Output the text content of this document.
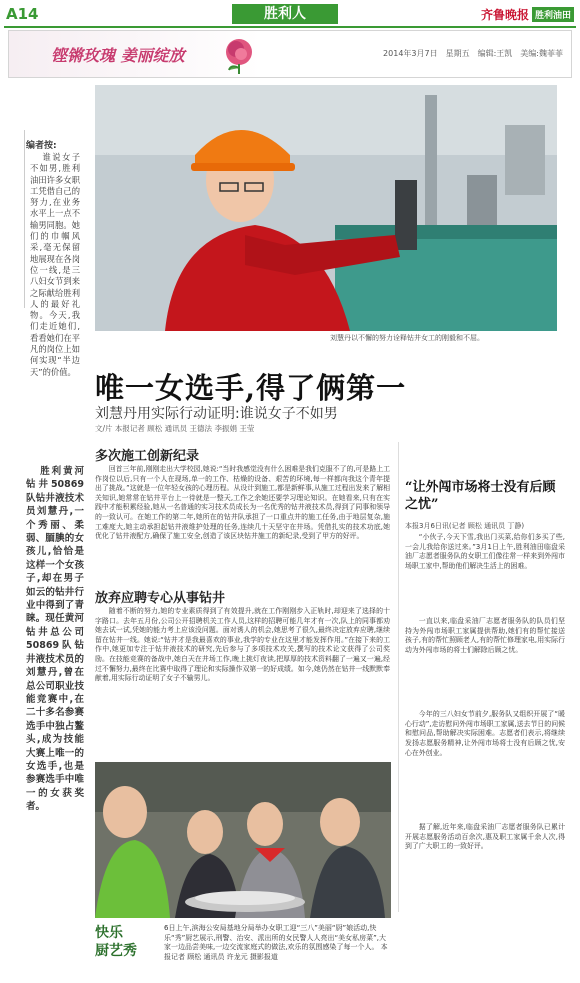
A14	胜利人	齐鲁晚报 胜利油田
铿锵玫瑰 姜丽绽放	2014年3月7日 星期五 编辑:王凯 美编:魏菲菲
编者按:
谁说女子不如男,胜利油田许多女职工凭借自己的努力,在业务水平上一点不输男同胞。她们的巾帼风采,毫无保留地展现在各岗位一线,是三八妇女节到来之际献给胜利人的最好礼物。今天,我们走近她们,看看她们在平凡的岗位上如何实现“半边天”的价值。
刘慧丹以不懈的努力诠释钻井女工的刚毅和不屈。
唯一女选手,得了俩第一
刘慧丹用实际行动证明:谁说女子不如男
文/片 本报记者 顾松 通讯员 王德法 李振娟 王莹
胜利黄河钻井50869队钻井液技术员刘慧丹,一个秀丽、柔弱、腼腆的女孩儿,恰恰是这样一个女孩子,却在男子如云的钻井行业中得到了青睐。现任黄河钻井总公司50869队钻井液技术员的刘慧丹,曾在总公司职业技能竞赛中,在二十多名参赛选手中独占鳌头,成为技能大赛上唯一的女选手,也是参赛选手中唯一的女获奖者。
多次施工创新纪录
回首三年前,刚刚走出大学校园,她说:“当时我感觉没有什么困难是我们克服不了的,可是路上工作岗位以后,只有一个人在现场,单一的工作、枯燥的设备、艰苦的环境,每一样都向我这个青年提出了挑战。”这就是一位年轻女孩的心理历程。从设计到施工,都是新鲜事,从施工过程出发来了解相关知识,她常常在钻井平台上一待就是一整天,工作之余她还要学习理论知识。在她看来,只有在实践中才能积累经验,她从一名普通的实习技术员成长为一名优秀的钻井液技术员,得到了同事和领导的一致认可。在她工作的第二年,她所在的钻井队承担了一口重点井的施工任务,由于地层复杂,施工难度大,她主动承担起钻井液维护处理的任务,连续几十天坚守在井场。凭借扎实的技术功底,她优化了钻井液配方,确保了施工安全,创造了该区块钻井施工的新纪录,受到了甲方的好评。
放弃应聘专心从事钻井
随着不断的努力,她的专业素质得到了有效提升,就在工作刚刚步入正轨时,却迎来了选择的十字路口。去年五月份,公司公开招聘机关工作人员,这样的招聘可能几年才有一次,队上的同事都劝她去试一试,凭她的能力考上应该没问题。面对诱人的机会,她思考了很久,最终决定放弃应聘,继续留在钻井一线。她说:“钻井才是我最喜欢的事业,我学的专业在这里才能发挥作用。”在接下来的工作中,她更加专注于钻井液技术的研究,先后参与了多项技术攻关,撰写的技术论文获得了公司奖励。在技能竞赛的备战中,她白天在井场工作,晚上挑灯夜读,把厚厚的技术资料翻了一遍又一遍,经过不懈努力,最终在比赛中取得了理论和实际操作双第一的好成绩。如今,她仍然在钻井一线默默奉献着,用实际行动证明了女子不输男儿。
“让外闯市场将士没有后顾之忧”
本报3月6日讯(记者 顾松 通讯员 丁静)
“小伙子,今天下雪,我出门买菜,给你们多买了些,一会儿我给你送过来。”3月1日上午,胜利油田临盘采油厂志愿者服务队的女职工们像往常一样来到外闯市场职工家中,帮助他们解决生活上的困难。
一直以来,临盘采油厂志愿者服务队的队员们坚持为外闯市场职工家属提供帮助,她们有的帮忙接送孩子,有的帮忙照顾老人,有的帮忙修理家电,用实际行动为外闯市场的将士们解除后顾之忧。
今年的三八妇女节前夕,服务队又组织开展了“暖心行动”,走访慰问外闯市场职工家属,送去节日的问候和慰问品,帮助解决实际困难。志愿者们表示,将继续发扬志愿服务精神,让外闯市场将士没有后顾之忧,安心在外创业。
据了解,近年来,临盘采油厂志愿者服务队已累计开展志愿服务活动百余次,惠及职工家属千余人次,得到了广大职工的一致好评。
快乐
厨艺秀
6日上午,滨海公安局基地分局举办女职工迎“三八”美丽“厨”娘活动,快乐“秀”厨艺展示,刑警、治安、派出所的女民警人人亮出“美女私房菜”,大家一边品尝美味,一边交流家庭式的做法,欢乐的氛围感染了每一个人。 本报记者 顾松 通讯员 许龙元 摄影报道
